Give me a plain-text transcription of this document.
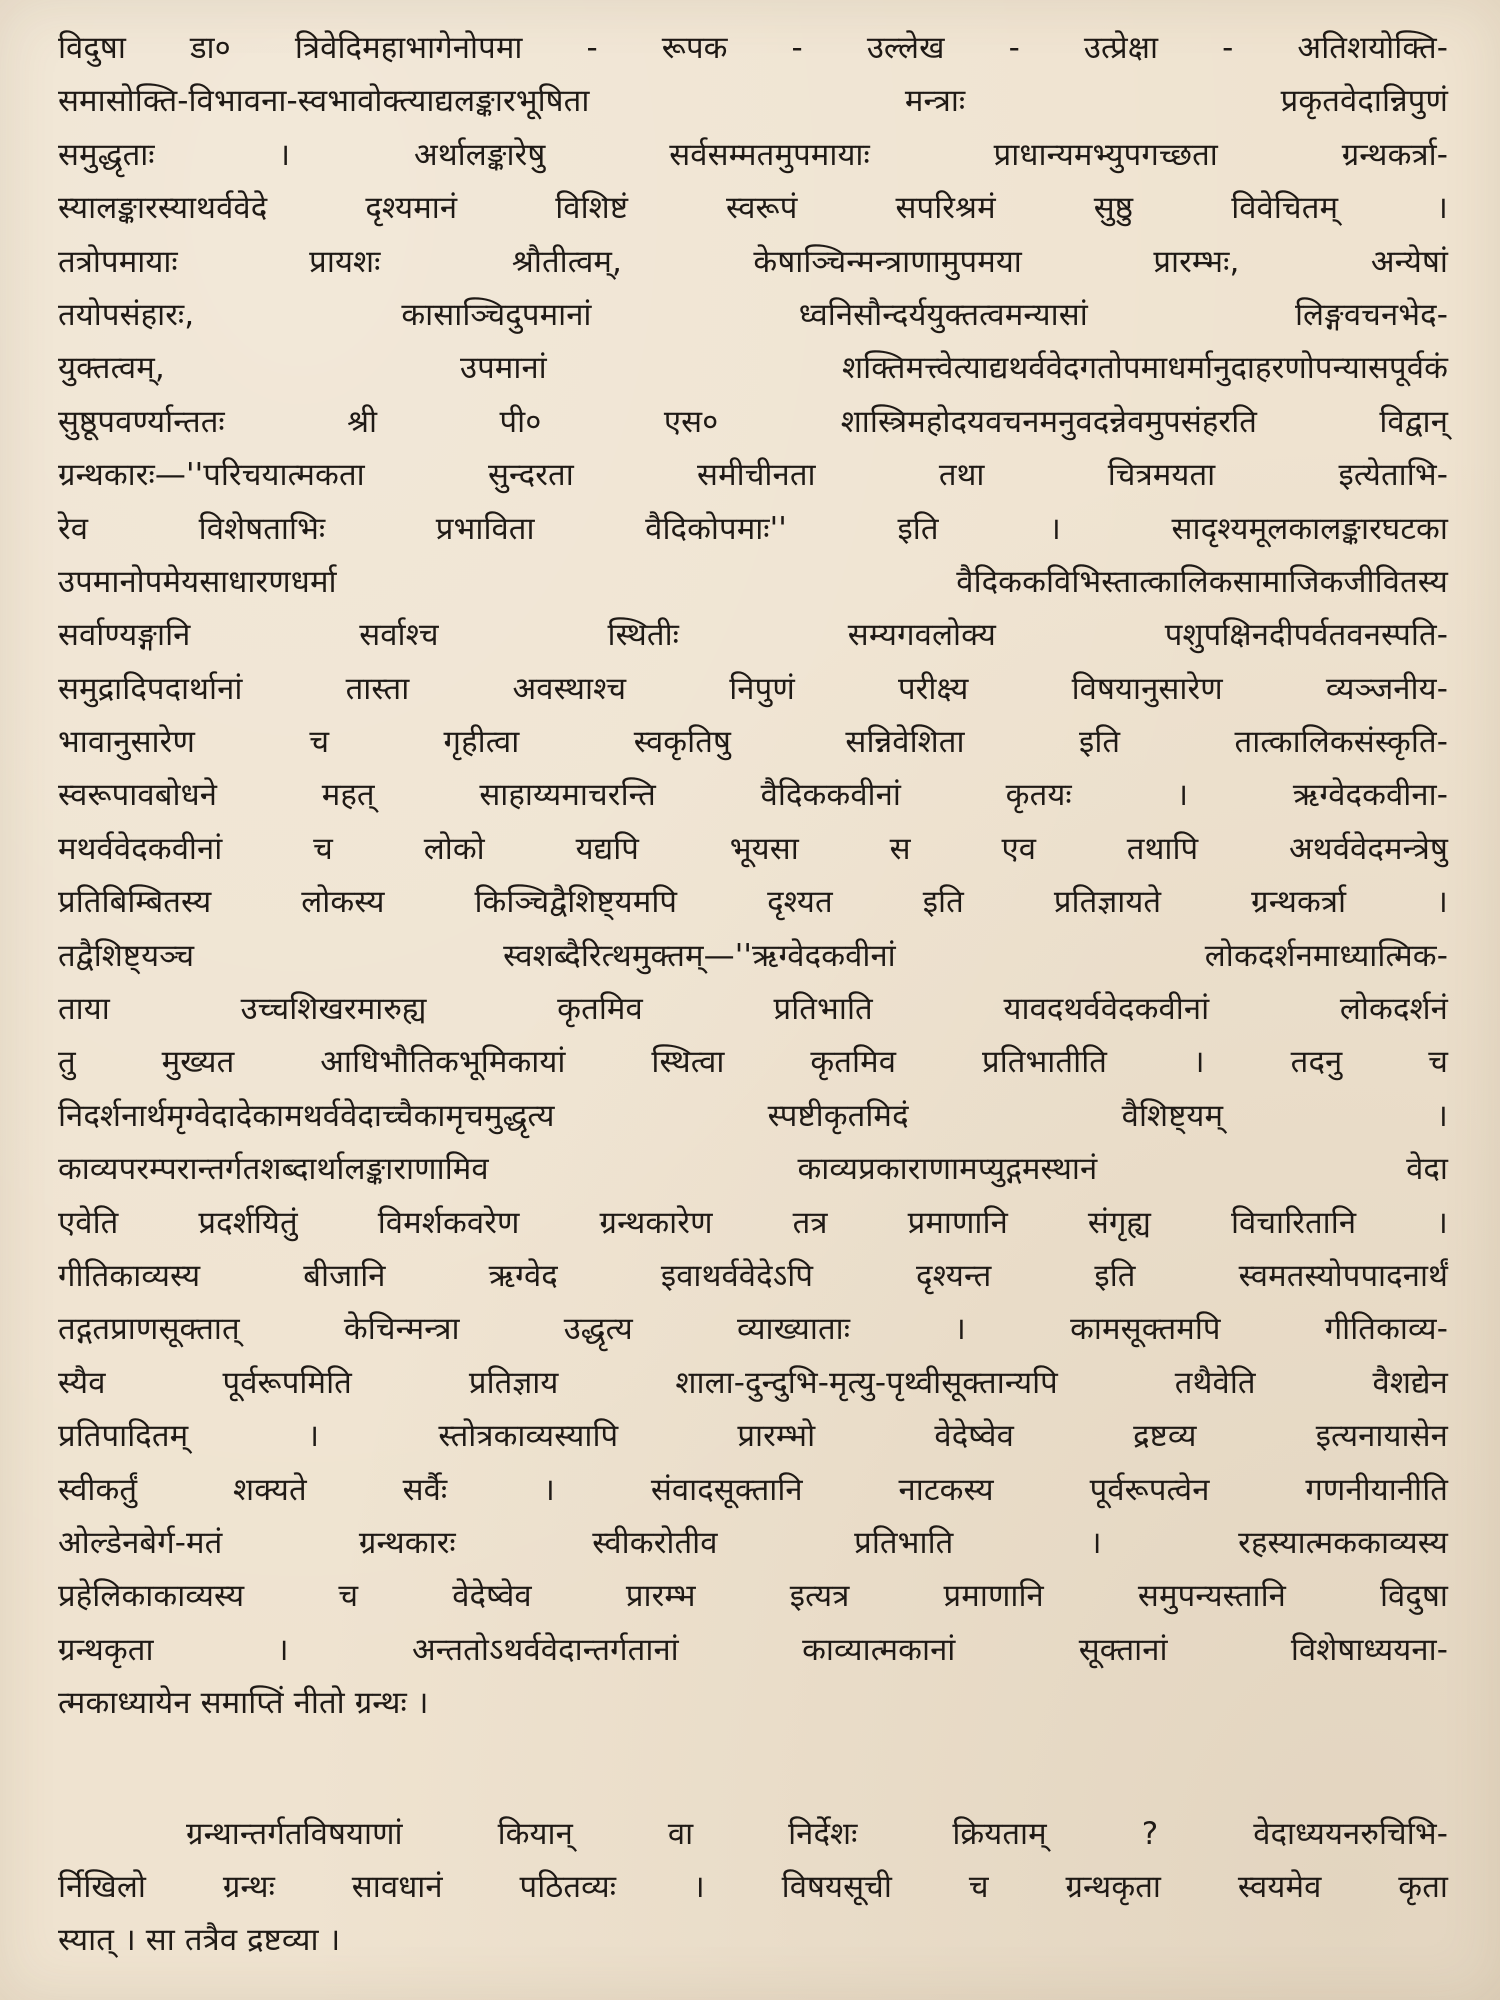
विदुषा डा० त्रिवेदिमहाभागेनोपमा - रूपक - उल्लेख - उत्प्रेक्षा - अतिशयोक्ति-
समासोक्ति-विभावना-स्वभावोक्त्याद्यलङ्कारभूषिता मन्त्राः प्रकृतवेदान्निपुणं
समुद्धृताः । अर्थालङ्कारेषु सर्वसम्मतमुपमायाः प्राधान्यमभ्युपगच्छता ग्रन्थकर्त्रा-
स्यालङ्कारस्याथर्ववेदे दृश्यमानं विशिष्टं स्वरूपं सपरिश्रमं सुष्ठु विवेचितम् ।
तत्रोपमायाः प्रायशः श्रौतीत्वम्, केषाञ्चिन्मन्त्राणामुपमया प्रारम्भः, अन्येषां
तयोपसंहारः, कासाञ्चिदुपमानां ध्वनिसौन्दर्ययुक्तत्वमन्यासां लिङ्गवचनभेद-
युक्तत्वम्, उपमानां शक्तिमत्त्वेत्याद्यथर्ववेदगतोपमाधर्मानुदाहरणोपन्यासपूर्वकं
सुष्ठूपवर्ण्यान्ततः श्री पी० एस० शास्त्रिमहोदयवचनमनुवदन्नेवमुपसंहरति विद्वान्
ग्रन्थकारः—''परिचयात्मकता सुन्दरता समीचीनता तथा चित्रमयता इत्येताभि-
रेव विशेषताभिः प्रभाविता वैदिकोपमाः'' इति । सादृश्यमूलकालङ्कारघटका
उपमानोपमेयसाधारणधर्मा वैदिककविभिस्तात्कालिकसामाजिकजीवितस्य
सर्वाण्यङ्गानि सर्वाश्च स्थितीः सम्यगवलोक्य पशुपक्षिनदीपर्वतवनस्पति-
समुद्रादिपदार्थानां तास्ता अवस्थाश्च निपुणं परीक्ष्य विषयानुसारेण व्यञ्जनीय-
भावानुसारेण च गृहीत्वा स्वकृतिषु सन्निवेशिता इति तात्कालिकसंस्कृति-
स्वरूपावबोधने महत् साहाय्यमाचरन्ति वैदिककवीनां कृतयः । ऋग्वेदकवीना-
मथर्ववेदकवीनां च लोको यद्यपि भूयसा स एव तथापि अथर्ववेदमन्त्रेषु
प्रतिबिम्बितस्य लोकस्य किञ्चिद्वैशिष्ट्यमपि दृश्यत इति प्रतिज्ञायते ग्रन्थकर्त्रा ।
तद्वैशिष्ट्यञ्च स्वशब्दैरित्थमुक्तम्—''ऋग्वेदकवीनां लोकदर्शनमाध्यात्मिक-
ताया उच्चशिखरमारुह्य कृतमिव प्रतिभाति यावदथर्ववेदकवीनां लोकदर्शनं
तु मुख्यत आधिभौतिकभूमिकायां स्थित्वा कृतमिव प्रतिभातीति । तदनु च
निदर्शनार्थमृग्वेदादेकामथर्ववेदाच्चैकामृचमुद्धृत्य स्पष्टीकृतमिदं वैशिष्ट्यम् ।
काव्यपरम्परान्तर्गतशब्दार्थालङ्काराणामिव काव्यप्रकाराणामप्युद्गमस्थानं वेदा
एवेति प्रदर्शयितुं विमर्शकवरेण ग्रन्थकारेण तत्र प्रमाणानि संगृह्य विचारितानि ।
गीतिकाव्यस्य बीजानि ऋग्वेद इवाथर्ववेदेऽपि दृश्यन्त इति स्वमतस्योपपादनार्थं
तद्गतप्राणसूक्तात् केचिन्मन्त्रा उद्धृत्य व्याख्याताः । कामसूक्तमपि गीतिकाव्य-
स्यैव पूर्वरूपमिति प्रतिज्ञाय शाला-दुन्दुभि-मृत्यु-पृथ्वीसूक्तान्यपि तथैवेति वैशद्येन
प्रतिपादितम् । स्तोत्रकाव्यस्यापि प्रारम्भो वेदेष्वेव द्रष्टव्य इत्यनायासेन
स्वीकर्तुं शक्यते सर्वैः । संवादसूक्तानि नाटकस्य पूर्वरूपत्वेन गणनीयानीति
ओल्डेनबेर्ग-मतं ग्रन्थकारः स्वीकरोतीव प्रतिभाति । रहस्यात्मककाव्यस्य
प्रहेलिकाकाव्यस्य च वेदेष्वेव प्रारम्भ इत्यत्र प्रमाणानि समुपन्यस्तानि विदुषा
ग्रन्थकृता । अन्ततोऽथर्ववेदान्तर्गतानां काव्यात्मकानां सूक्तानां विशेषाध्ययना-
त्मकाध्यायेन समाप्तिं नीतो ग्रन्थः ।
ग्रन्थान्तर्गतविषयाणां कियान् वा निर्देशः क्रियताम् ? वेदाध्ययनरुचिभि-
र्निखिलो ग्रन्थः सावधानं पठितव्यः । विषयसूची च ग्रन्थकृता स्वयमेव कृता
स्यात् । सा तत्रैव द्रष्टव्या ।
